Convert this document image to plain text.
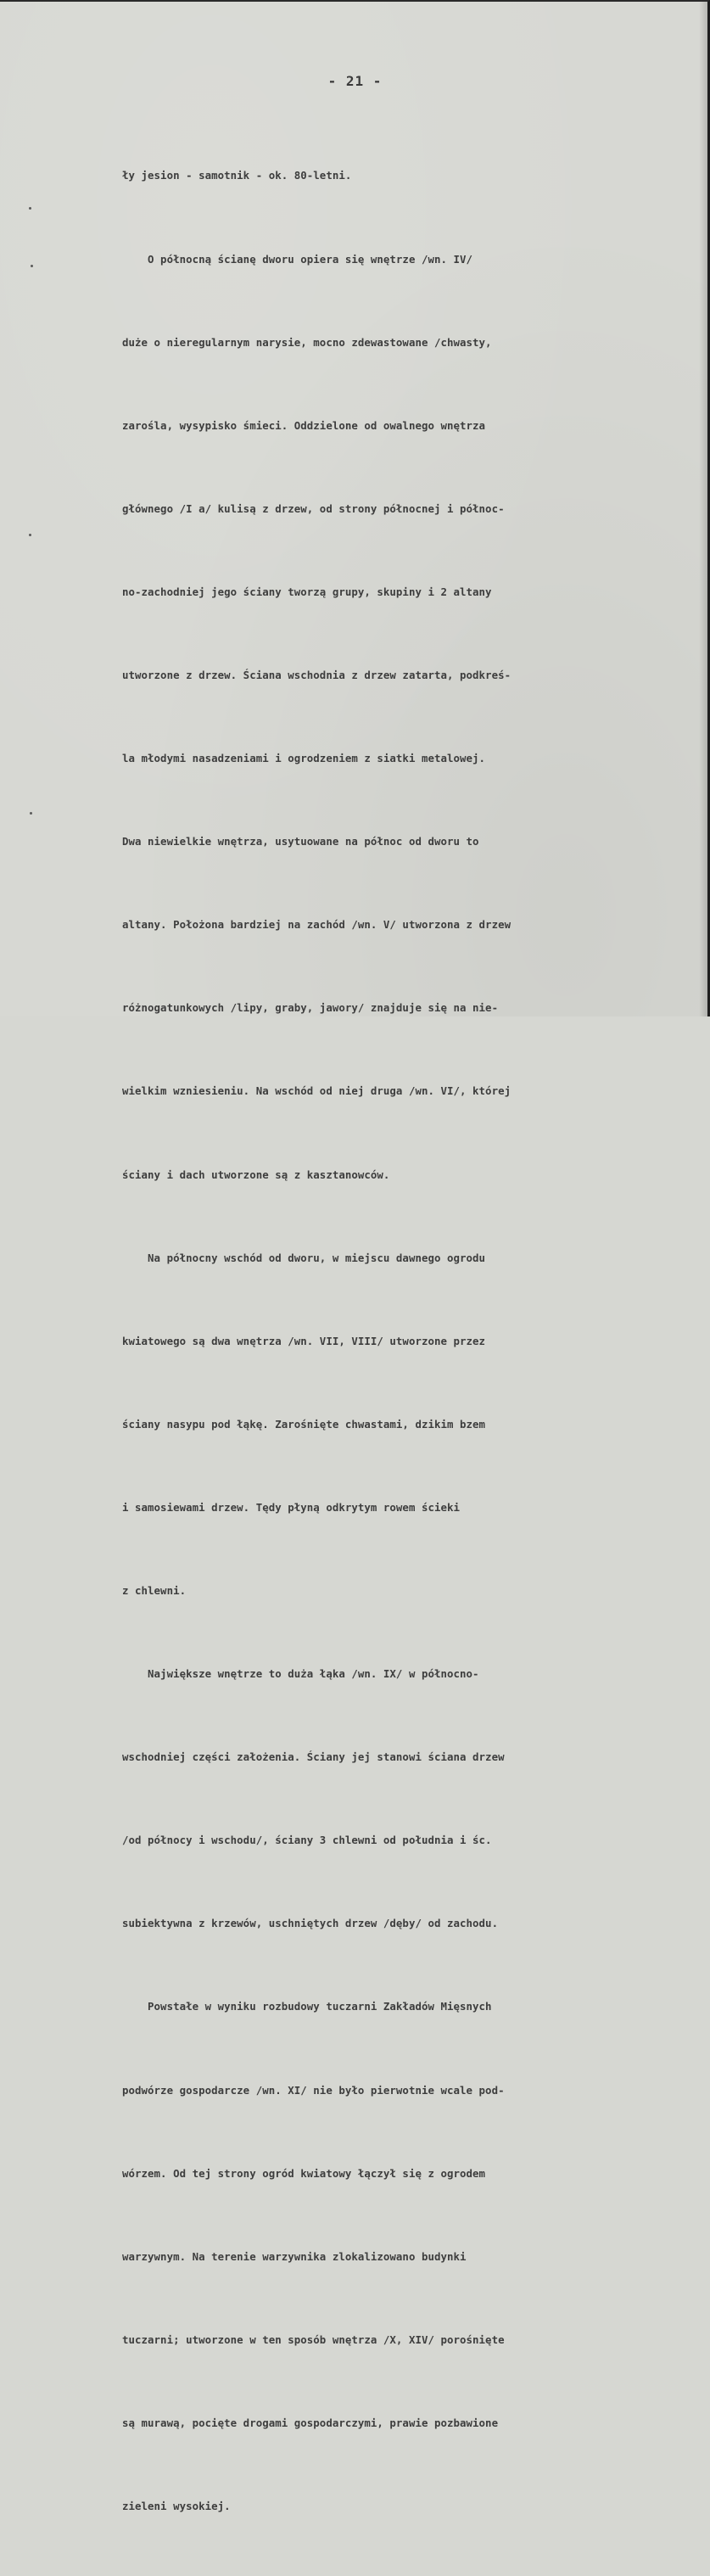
- 21 -

ły jesion - samotnik - ok. 80-letni.

O północną ścianę dworu opiera się wnętrze /wn. IV/

duże o nieregularnym narysie, mocno zdewastowane /chwasty,

zarośla, wysypisko śmieci. Oddzielone od owalnego wnętrza

głównego /I a/ kulisą z drzew, od strony północnej i północ-

no-zachodniej jego ściany tworzą grupy, skupiny i 2 altany

utworzone z drzew. Ściana wschodnia z drzew zatarta, podkreś-

la młodymi nasadzeniami i ogrodzeniem z siatki metalowej.

Dwa niewielkie wnętrza, usytuowane na północ od dworu to

altany. Położona bardziej na zachód /wn. V/ utworzona z drzew

różnogatunkowych /lipy, graby, jawory/ znajduje się na nie-

wielkim wzniesieniu. Na wschód od niej druga /wn. VI/, której

ściany i dach utworzone są z kasztanowców.

Na północny wschód od dworu, w miejscu dawnego ogrodu

kwiatowego są dwa wnętrza /wn. VII, VIII/ utworzone przez

ściany nasypu pod łąkę. Zarośnięte chwastami, dzikim bzem

i samosiewami drzew. Tędy płyną odkrytym rowem ścieki

z chlewni.

Największe wnętrze to duża łąka /wn. IX/ w północno-

wschodniej części założenia. Ściany jej stanowi ściana drzew

/od północy i wschodu/, ściany 3 chlewni od południa i śc.

subiektywna z krzewów, uschniętych drzew /dęby/ od zachodu.

Powstałe w wyniku rozbudowy tuczarni Zakładów Mięsnych

podwórze gospodarcze /wn. XI/ nie było pierwotnie wcale pod-

wórzem. Od tej strony ogród kwiatowy łączył się z ogrodem

warzywnym. Na terenie warzywnika zlokalizowano budynki

tuczarni; utworzone w ten sposób wnętrza /X, XIV/ porośnięte

są murawą, pocięte drogami gospodarczymi, prawie pozbawione

zieleni wysokiej.
